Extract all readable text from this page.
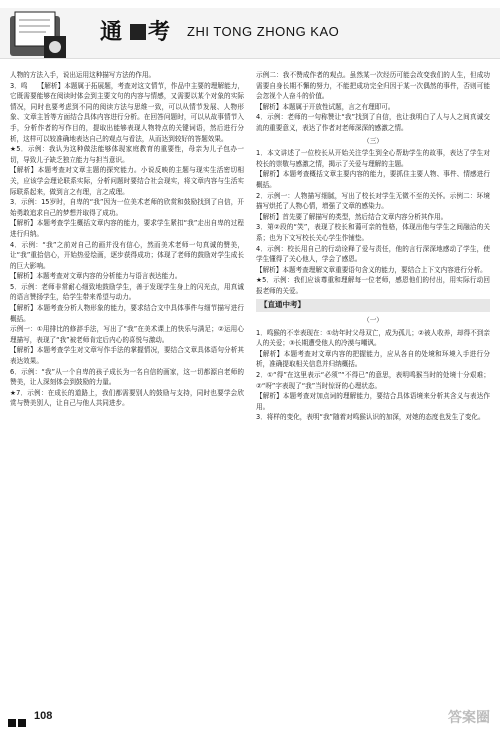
通 考 ZHI TONG ZHONG KAO

人物的方法入手，说出运用这种描写方法的作用。

3．鸣　　【解析】本题属于拓展题，考查对这文情节，作品中主要的理解能力，它既需要能够在阅读时体会到主要文句的内容与情感，又需要以某个对象的实际情况，同时也要考虑到不同的阅读方法与思维一致，可以从情节发展、人物形象、文章主旨等方面结合具体内容进行分析。在回答问题时，可以从故事情节入手，分析作者的写作目的，提取出能够表现人物特点的关键词语，然后进行分析，这样可以较准确地表达自己的观点与看法，从而达到较好的答题效果。

★5．示例：我认为这种做法能够体现家庭教育的重要性，母亲为儿子包办一切，导致儿子缺乏独立能力与担当意识。

【解析】本题考查对文章主题的探究能力。小说反映的主题与现实生活密切相关，应该学会理论联系实际，分析问题时要结合社会现实，将文章内容与生活实际联系起来，做到言之有理，言之成理。

3．示例：15岁时，自卑的“我”因为一位美术老师的欣赏和鼓励找到了自信，开始勇敢追求自己的梦想并取得了成功。

【解析】本题考查学生概括文章内容的能力，要求学生紧扣“我”走出自卑的过程进行归纳。

4．示例：“我”之前对自己的画并没有信心，然而美术老师一句真诚的赞美，让“我”重拾信心，开始热爱绘画，逐步获得成功；体现了老师的鼓励对学生成长的巨大影响。

【解析】本题考查对文章内容的分析能力与语言表达能力。

5．示例：老师非常耐心细致地鼓励学生，善于发现学生身上的闪光点，用真诚的语言赞扬学生，给学生带来希望与动力。

【解析】本题考查分析人物形象的能力，要求结合文中具体事件与细节描写进行概括。

示例一：①用排比的修辞手法，写出了“我”在美术课上的快乐与满足；②运用心理描写，表现了“我”被老师肯定后内心的喜悦与激动。

【解析】本题考查学生对文章写作手法的掌握情况，要结合文章具体语句分析其表达效果。

6．示例：“我”从一个自卑的孩子成长为一名自信的画家，这一切都源自老师的赞美，让人深刻体会到鼓励的力量。

★7．示例：在成长的道路上，我们都需要别人的鼓励与支持，同时也要学会欣赏与赞美别人，让自己与他人共同进步。

示例二：我不赞成作者的观点。虽然某一次经历可能会改变我们的人生，但成功需要自身长期不懈的努力，不能把成功完全归因于某一次偶然的事件，否则可能会忽视个人奋斗的价值。

【解析】本题属于开放性试题，言之有理即可。

4．示例：老师的一句称赞让“我”找到了自信，也让我明白了人与人之间真诚交流的重要意义，表达了作者对老师深深的感激之情。

（三）

1．本文讲述了一位校长从开始关注学生到全心帮助学生的故事，表达了学生对校长的崇敬与感激之情，揭示了关爱与理解的主题。

【解析】本题考查概括文章主要内容的能力，要抓住主要人物、事件、情感进行概括。

2．示例一：人物描写细腻，写出了校长对学生无微不至的关怀。示例二：环境描写烘托了人物心情，增强了文章的感染力。

【解析】首先要了解描写的类型，然后结合文章内容分析其作用。

3．第②段的“笑”，表现了校长和蔼可亲的性格，体现出他与学生之间融洽的关系；也为下文写校长关心学生作铺垫。

4．示例：校长用自己的行动诠释了爱与责任，他的言行深深地感动了学生，使学生懂得了关心他人，学会了感恩。

【解析】本题考查理解文章重要语句含义的能力，要结合上下文内容进行分析。

★5．示例：我们应该尊重和理解每一位老师，感恩他们的付出，用实际行动回报老师的关爱。

【直通中考】

（一）

1．鸣猴的不幸表现在：①幼年时父母双亡，成为孤儿；②被人收养，却得不到亲人的关爱；③长期遭受他人的冷漠与嘲讽。

【解析】本题考查对文章内容的把握能力，应从各自的处境和环境入手进行分析，准确提取相关信息并归纳概括。

2．①“得”在这里表示“必须”“不得已”的意思，表明鸣猴当时的处境十分艰难；②“呀”字表现了“我”当时惊讶的心理状态。

【解析】本题考查对加点词的理解能力，要结合具体语境来分析其含义与表达作用。

3．将样的变化，表明“我”随着对鸣猴认识的加深，对她的态度也发生了变化。

108	答案圈
